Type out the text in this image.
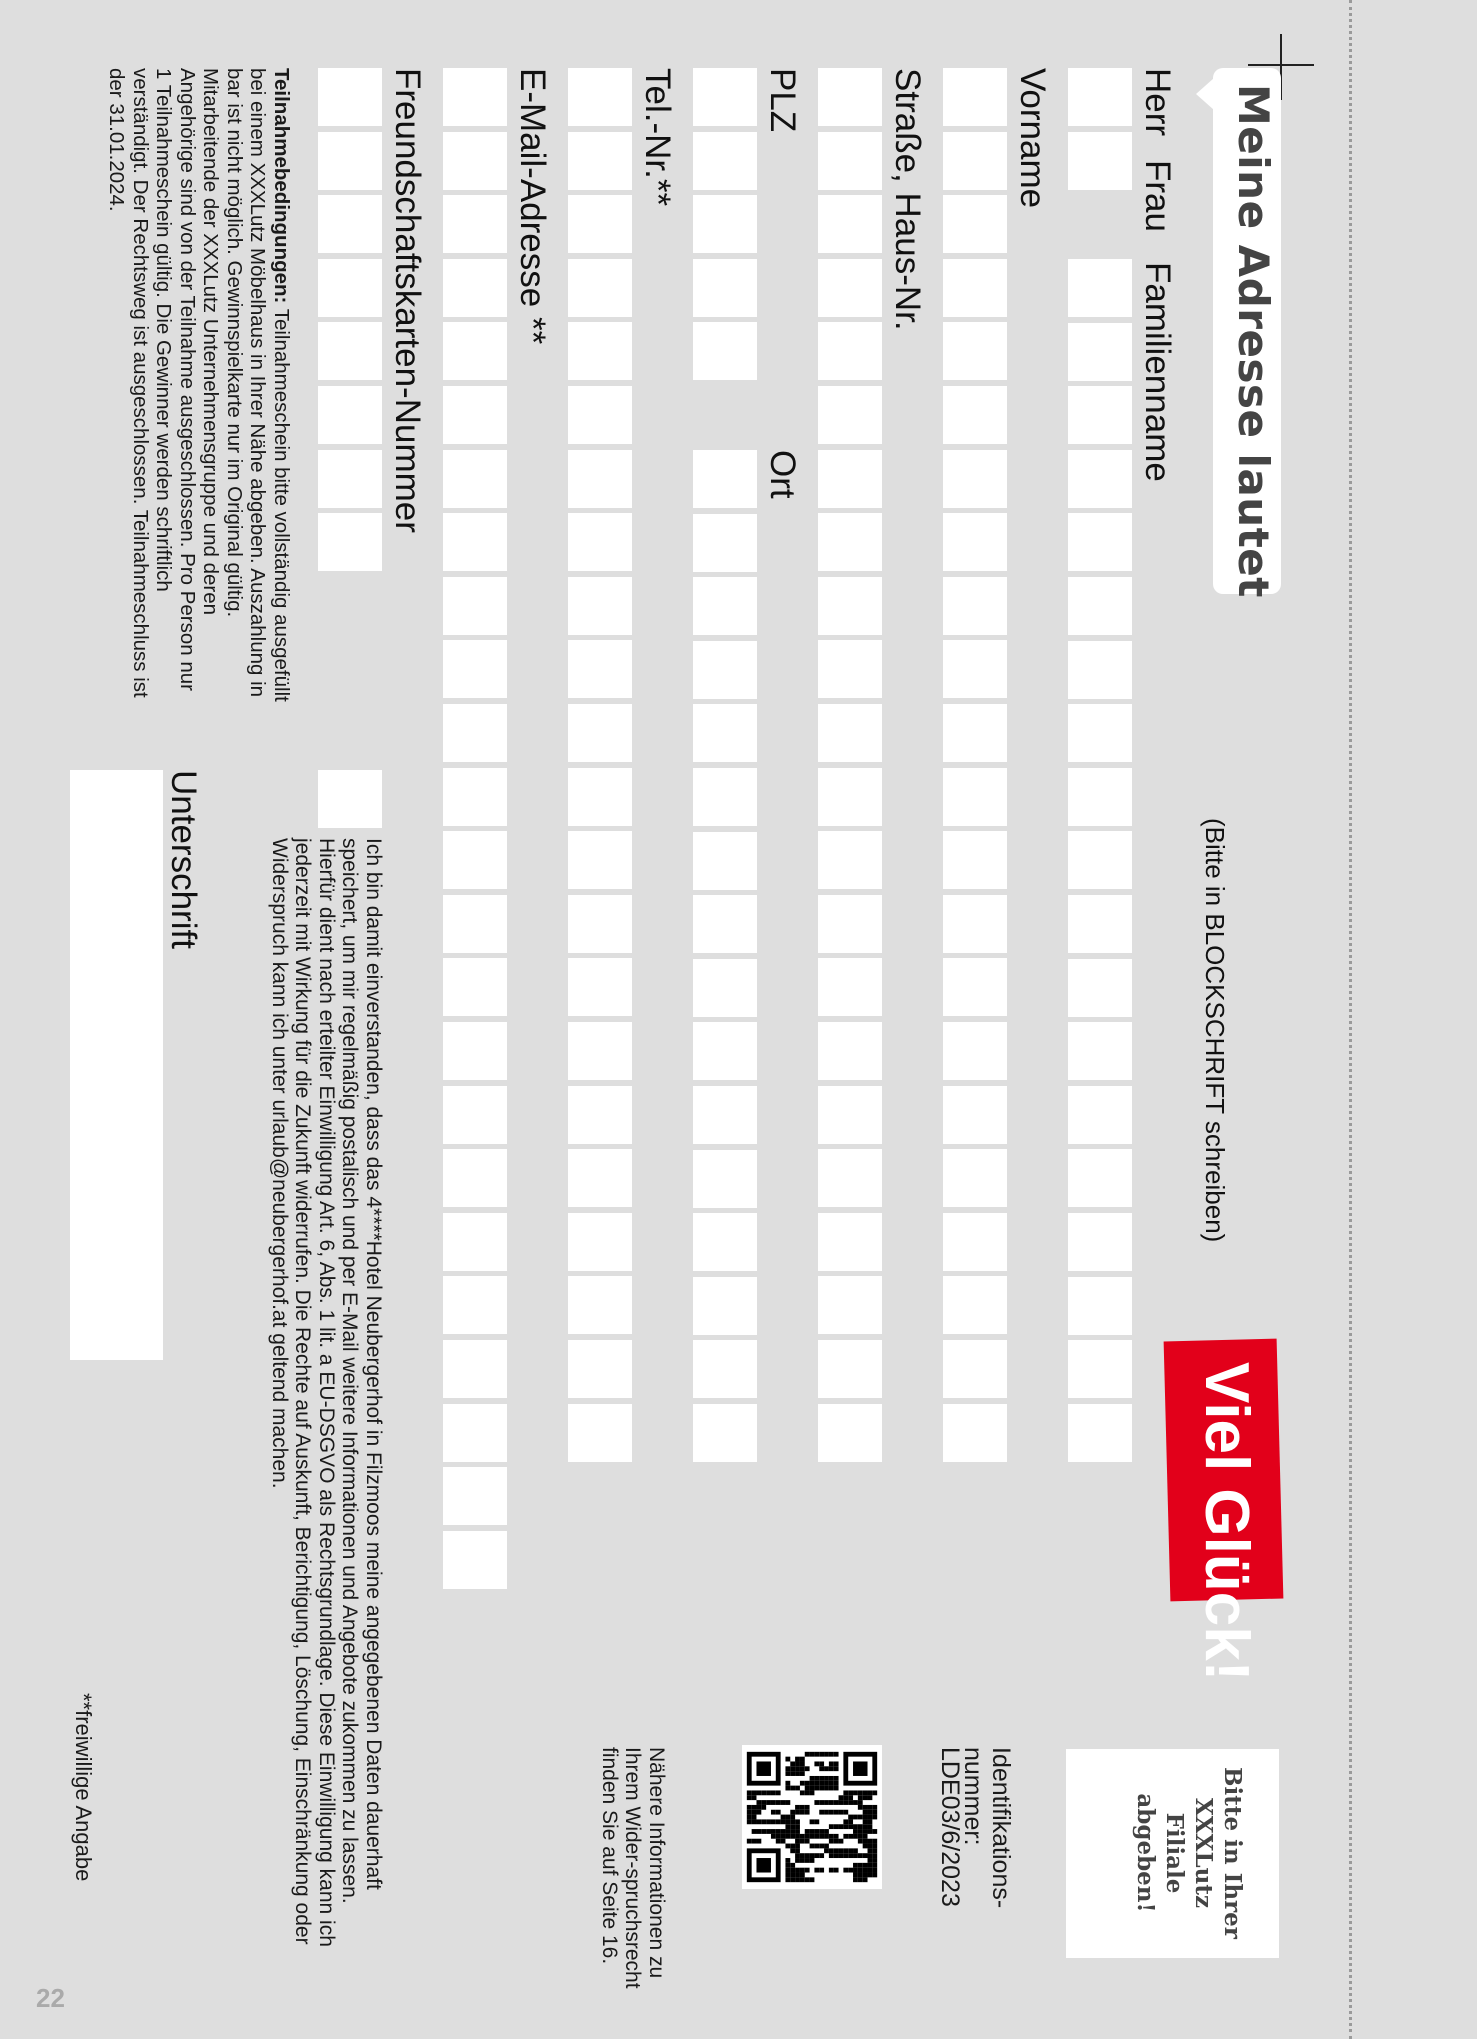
Meine Adresse lautet
(Bitte in BLOCKSCHRIFT schreiben)
Herr
Frau
Familienname
Vorname
Straße, Haus-Nr.
PLZ
Ort
Tel.-Nr.**
E-Mail-Adresse **
Freundschaftskarten-Nummer
Unterschrift
Viel Glück!
Bitte in Ihrer XXXLutz Filiale abgeben!
Identifikations-nummer:
LDE03/6/2023
Nähere Informationen zu Ihrem Wider-spruchsrecht finden Sie auf Seite 16.
Teilnahmebedingungen: Teilnahmeschein bitte vollständig ausgefüllt bei einem XXXLutz Möbelhaus in Ihrer Nähe abgeben. Auszahlung in bar ist nicht möglich. Gewinnspielkarte nur im Original gültig. Mitarbeitende der XXXLutz Unternehmensgruppe und deren Angehörige sind von der Teilnahme ausgeschlossen. Pro Person nur 1 Teilnahmeschein gültig. Die Gewinner werden schriftlich verständigt. Der Rechtsweg ist ausgeschlossen. Teilnahmeschluss ist der 31.01.2024.
Ich bin damit einverstanden, dass das 4****Hotel Neubergerhof in Filzmoos meine angegebenen Daten dauerhaft speichert, um mir regelmäßig postalisch und per E-Mail weitere Informationen und Angebote zukommen zu lassen. Hierfür dient nach erteilter Einwilligung Art. 6, Abs. 1 lit. a EU-DSGVO als Rechtsgrundlage. Diese Einwilligung kann ich jederzeit mit Wirkung für die Zukunft widerrufen. Die Rechte auf Auskunft, Berichtigung, Löschung, Einschränkung oder Widerspruch kann ich unter urlaub@neubergerhof.at geltend machen.
**freiwillige Angabe
22
